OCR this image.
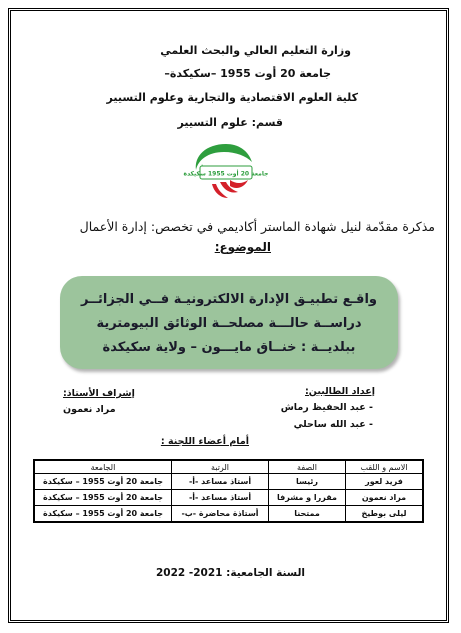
وزارة التعليم العالي والبحث العلمي
جامعة 20 أوت 1955 –سكيكدة–
كلية العلوم الاقتصادية والتجارية وعلوم التسيير
قسم: علوم التسيير
جامعة 20 أوت 1955 سكيكدة
مذكرة مقدّمة لنيل شهادة الماستر أكاديمي في تخصص: إدارة الأعمال
الموضوع:
واقـع تطبيـق الإدارة الالكترونيـة فــي الجزائــر
دراســة حالـــة مصلحــة الوثائق البيومترية
ببلديــة : خنــاق مايـــون – ولاية سكيكدة
إعداد الطالبين:
- عبد الحفيظ رماش
- عبد الله ساحلي
إشراف الأستاذ:
مراد نعمون
أمام أعضاء اللجنة :
الاسم و اللقب	الصفة	الرتبة	الجامعة
فريد لعور	رئيسا	أستاذ مساعد -أ-	جامعة 20 أوت 1955 – سكيكدة
مراد نعمون	مقررا و مشرفا	أستاذ مساعد -أ-	جامعة 20 أوت 1955 – سكيكدة
ليلى بوطيخ	ممتحنا	أستاذة محاضرة -ب-	جامعة 20 أوت 1955 – سكيكدة
السنة الجامعية: 2021- 2022
